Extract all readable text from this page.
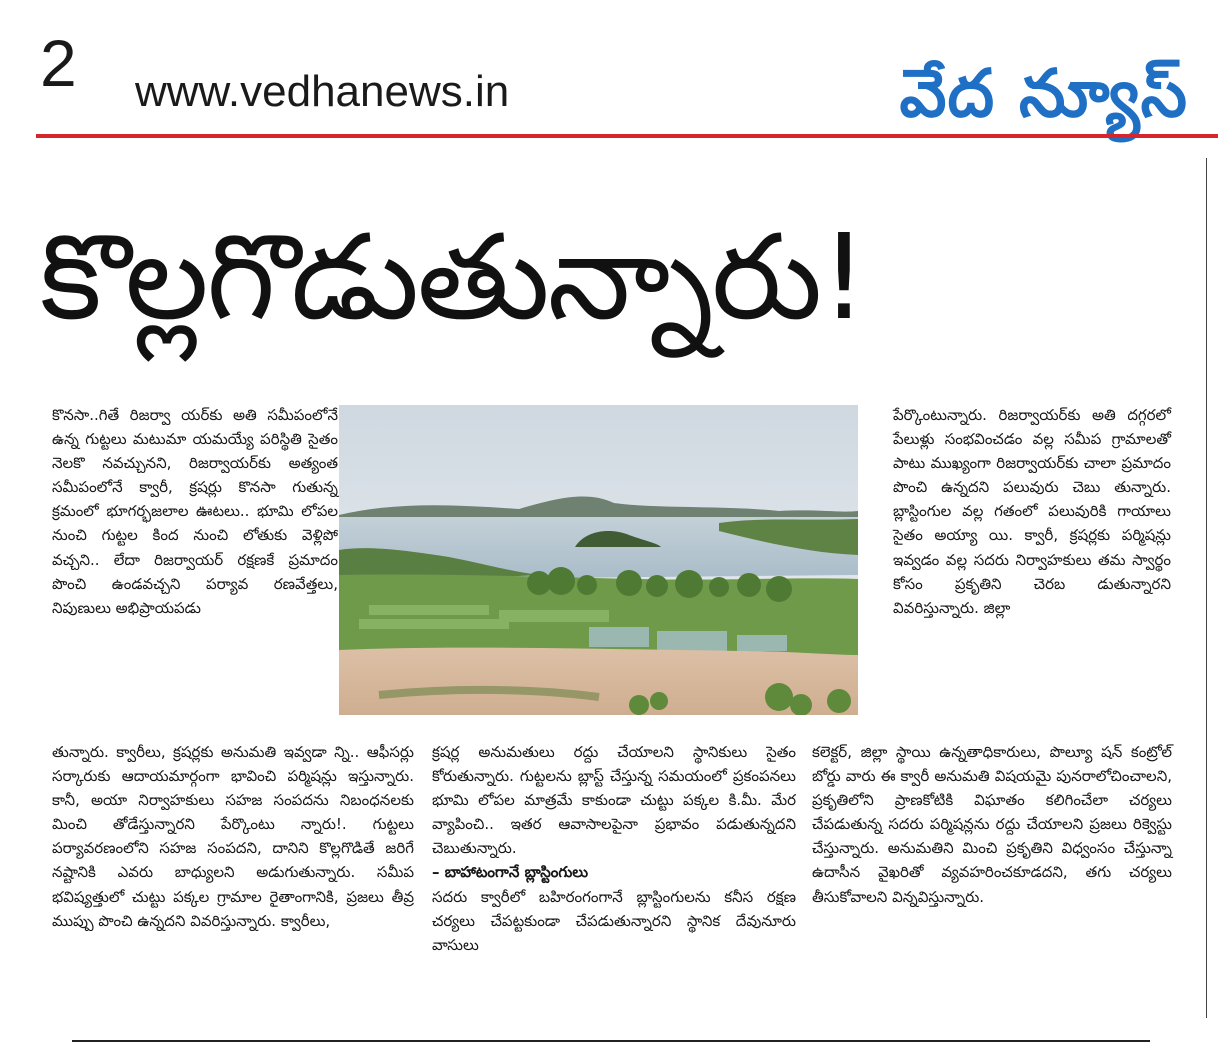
2 www.vedhanews.in	వేద న్యూస్
కొల్లగొడుతున్నారు!

కొనసా..గితే రిజర్వా యర్‌కు అతి సమీపంలోనే ఉన్న గుట్టలు మటుమా యమయ్యే పరిస్థితి సైతం నెలకొ నవచ్చునని, రిజర్వాయర్‌కు అత్యంత సమీపంలోనే క్వారీ, క్రషర్లు కొనసా గుతున్న క్రమంలో భూగర్భజలాల ఊటలు.. భూమి లోపల నుంచి గుట్టల కింద నుంచి లోతుకు వెళ్లిపో వచ్చని.. లేదా రిజర్వాయర్ రక్షణకే ప్రమాదం పొంచి ఉండవచ్చని పర్యావ రణవేత్తలు, నిపుణులు అభిప్రాయపడు

పేర్కొంటున్నారు. రిజర్వాయర్‌కు అతి దగ్గరలో పేలుళ్లు సంభవించడం వల్ల సమీప గ్రామాలతో పాటు ముఖ్యంగా రిజర్వాయర్‌కు చాలా ప్రమాదం పొంచి ఉన్నదని పలువురు చెబు తున్నారు. బ్లాస్టింగుల వల్ల గతంలో పలువురికి గాయాలు సైతం అయ్యా యి. క్వారీ, క్రషర్లకు పర్మిషన్లు ఇవ్వడం వల్ల సదరు నిర్వాహకులు తమ స్వార్థం కోసం ప్రకృతిని చెరబ డుతున్నారని వివరిస్తున్నారు. జిల్లా

తున్నారు. క్వారీలు, క్రషర్లకు అనుమతి ఇవ్వడా న్ని.. ఆఫీసర్లు సర్కారుకు ఆదాయమార్గంగా భావించి పర్మిషన్లు ఇస్తున్నారు. కానీ, అయా నిర్వాహకులు సహజ సంపదను నిబంధనలకు మించి తోడేస్తున్నారని పేర్కొంటు న్నారు!. గుట్టలు పర్యావరణంలోని సహజ సంపదని, దానిని కొల్లగొడితే జరిగే నష్టానికి ఎవరు బాధ్యులని అడుగుతున్నారు. సమీప భవిష్యత్తులో చుట్టు పక్కల గ్రామాల రైతాంగానికి, ప్రజలు తీవ్ర ముప్పు పొంచి ఉన్నదని వివరిస్తున్నారు. క్వారీలు,

క్రషర్ల అనుమతులు రద్దు చేయాలని స్థానికులు సైతం కోరుతున్నారు. గుట్టలను బ్లాస్ట్ చేస్తున్న సమయంలో ప్రకంపనలు భూమి లోపల మాత్రమే కాకుండా చుట్టు పక్కల కి.మీ. మేర వ్యాపించి.. ఇతర ఆవాసాలపైనా ప్రభావం పడుతున్నదని చెబుతున్నారు.

– బాహాటంగానే బ్లాస్టింగులు

సదరు క్వారీలో బహిరంగంగానే బ్లాస్టింగులను కనీస రక్షణ చర్యలు చేపట్టకుండా చేపడుతున్నారని స్థానిక దేవునూరు వాసులు

కలెక్టర్, జిల్లా స్థాయి ఉన్నతాధికారులు, పొల్యూ షన్ కంట్రోల్ బోర్డు వారు ఈ క్వారీ అనుమతి విషయమై పునరాలోచించాలని, ప్రకృతిలోని ప్రాణకోటికి విఘాతం కలిగించేలా చర్యలు చేపడుతున్న సదరు పర్మిషన్లను రద్దు చేయాలని ప్రజలు రిక్వెస్టు చేస్తున్నారు. అనుమతిని మించి ప్రకృతిని విధ్వంసం చేస్తున్నా ఉదాసీన వైఖరితో వ్యవహరించకూడదని, తగు చర్యలు తీసుకోవాలని విన్నవిస్తున్నారు.
